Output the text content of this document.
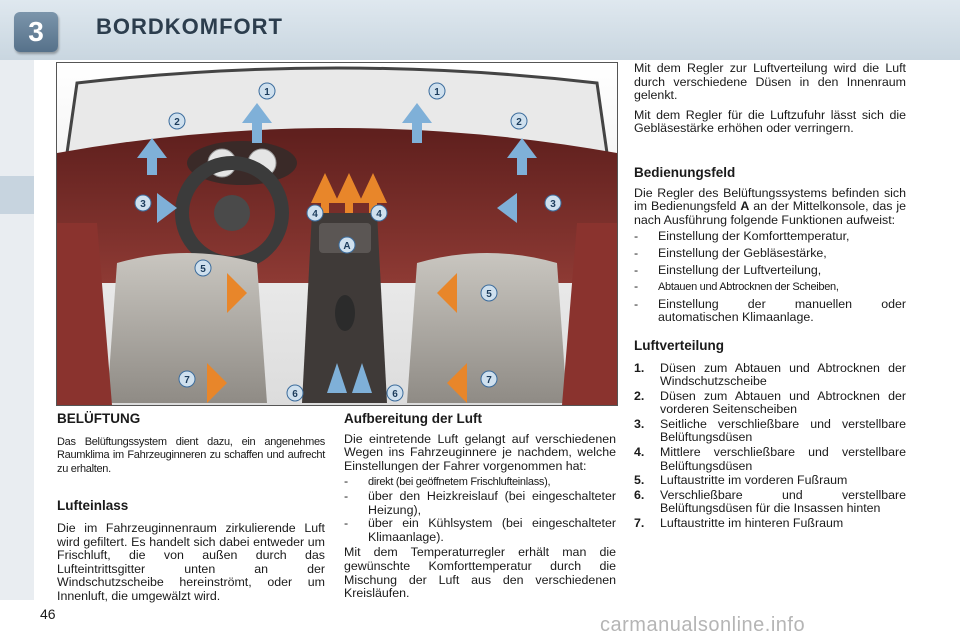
3	BORDKOMFORT
1	1
2	2
3	3
4	4
A
5
5
6	6
7	7
BELÜFTUNG

Das Belüftungssystem dient dazu, ein angenehmes Raumklima im Fahrzeuginneren zu schaffen und aufrecht zu erhalten.

Lufteinlass

Die im Fahrzeuginnenraum zirkulierende Luft wird gefiltert. Es handelt sich dabei entweder um Frischluft, die von außen durch das Lufteintrittsgitter unten an der Windschutzscheibe hereinströmt, oder um Innenluft, die umgewälzt wird.

Aufbereitung der Luft

Die eintretende Luft gelangt auf verschiedenen Wegen ins Fahrzeuginnere je nachdem, welche Einstellungen der Fahrer vorgenommen hat:

- direkt (bei geöffnetem Frischlufteinlass),
- über den Heizkreislauf (bei eingeschalteter Heizung),
- über ein Kühlsystem (bei eingeschalteter Klimaanlage).

Mit dem Temperaturregler erhält man die gewünschte Komforttemperatur durch die Mischung der Luft aus den verschiedenen Kreisläufen.

Mit dem Regler zur Luftverteilung wird die Luft durch verschiedene Düsen in den Innenraum gelenkt.

Mit dem Regler für die Luftzufuhr lässt sich die Gebläsestärke erhöhen oder verringern.

Bedienungsfeld

Die Regler des Belüftungssystems befinden sich im Bedienungsfeld A an der Mittelkonsole, das je nach Ausführung folgende Funktionen aufweist:

- Einstellung der Komforttemperatur,
- Einstellung der Gebläsestärke,
- Einstellung der Luftverteilung,
- Abtauen und Abtrocknen der Scheiben,
- Einstellung der manuellen oder automatischen Klimaanlage.
Luftverteilung
1. Düsen zum Abtauen und Abtrocknen der Windschutzscheibe
2. Düsen zum Abtauen und Abtrocknen der vorderen Seitenscheiben
3. Seitliche verschließbare und verstellbare Belüftungsdüsen
4. Mittlere verschließbare und verstellbare Belüftungsdüsen
5. Luftaustritte im vorderen Fußraum
6. Verschließbare und verstellbare Belüftungsdüsen für die Insassen hinten
7. Luftaustritte im hinteren Fußraum
46	carmanualsonline.info
